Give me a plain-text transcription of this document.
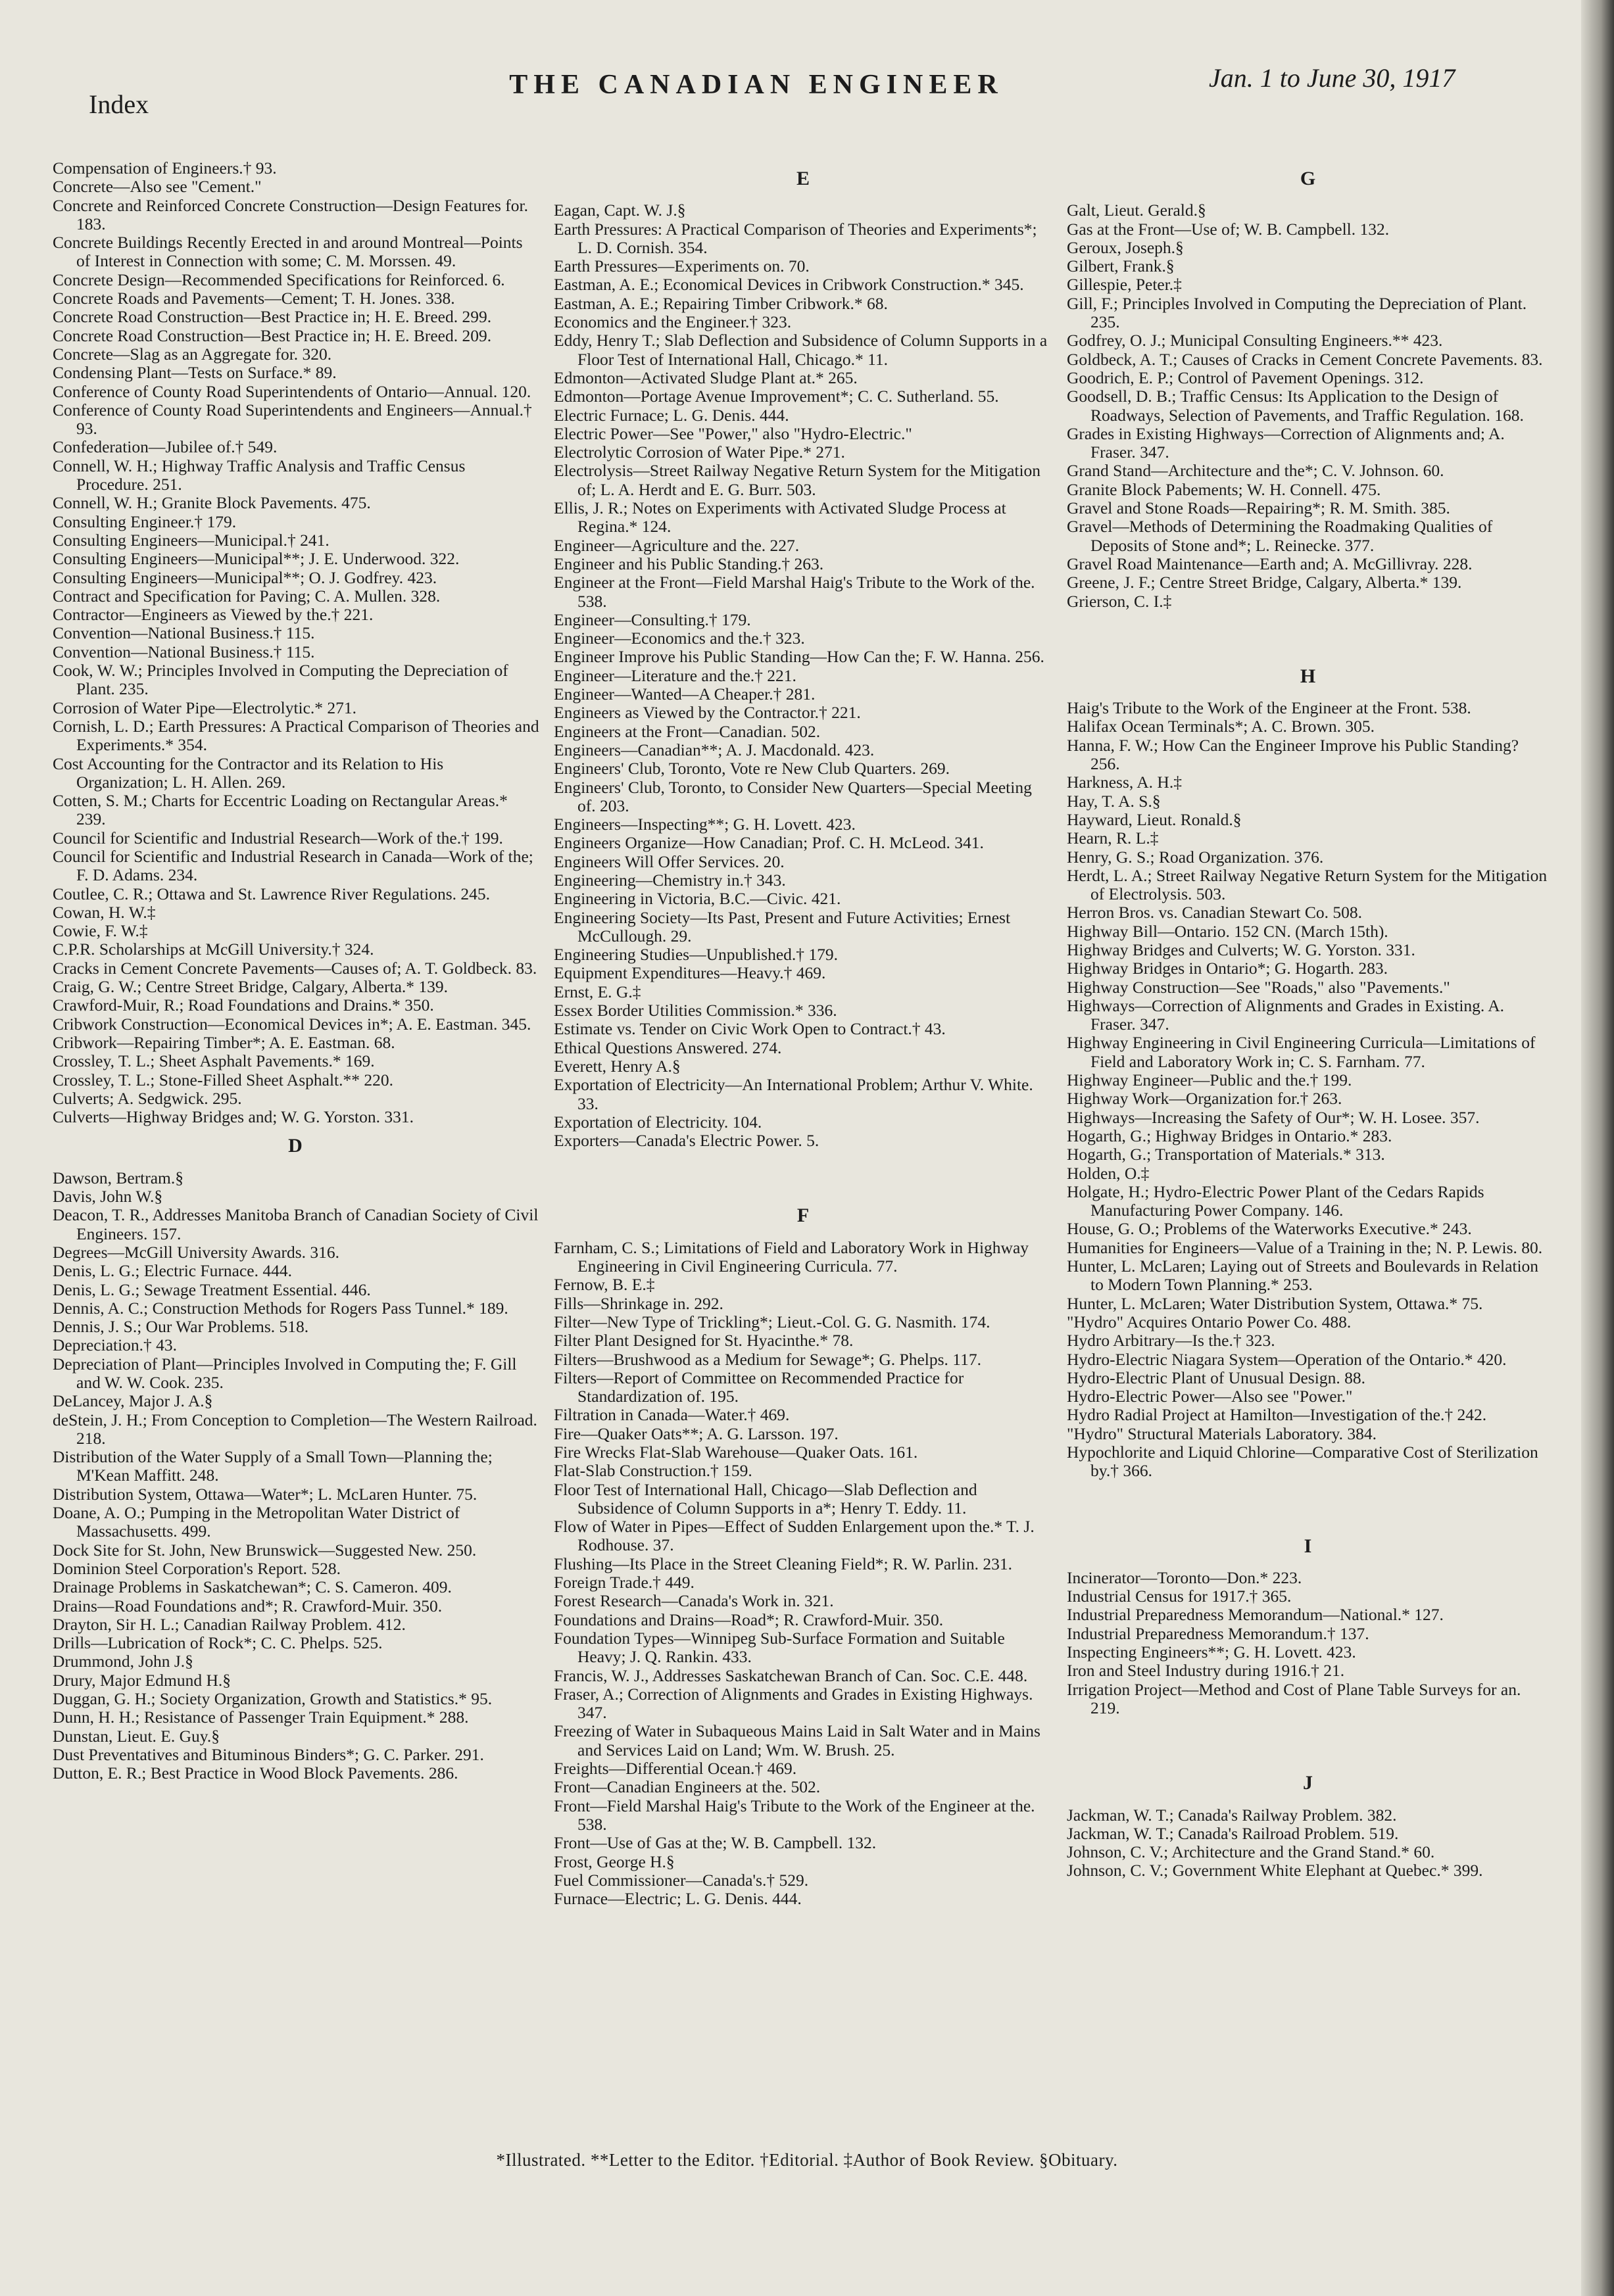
Index
THE CANADIAN ENGINEER	Jan. 1 to June 30, 1917
Compensation of Engineers.† 93.
Concrete—Also see "Cement."
Concrete and Reinforced Concrete Construction—Design Features for. 183.
Concrete Buildings Recently Erected in and around Montreal—Points of Interest in Connection with some; C. M. Morssen. 49.
Concrete Design—Recommended Specifications for Reinforced. 6.
Concrete Roads and Pavements—Cement; T. H. Jones. 338.
Concrete Road Construction—Best Practice in; H. E. Breed. 299.
Concrete Road Construction—Best Practice in; H. E. Breed. 209.
Concrete—Slag as an Aggregate for. 320.
Condensing Plant—Tests on Surface.* 89.
Conference of County Road Superintendents of Ontario—Annual. 120.
Conference of County Road Superintendents and Engineers—Annual.† 93.
Confederation—Jubilee of.† 549.
Connell, W. H.; Highway Traffic Analysis and Traffic Census Procedure. 251.
Connell, W. H.; Granite Block Pavements. 475.
Consulting Engineer.† 179.
Consulting Engineers—Municipal.† 241.
Consulting Engineers—Municipal**; J. E. Underwood. 322.
Consulting Engineers—Municipal**; O. J. Godfrey. 423.
Contract and Specification for Paving; C. A. Mullen. 328.
Contractor—Engineers as Viewed by the.† 221.
Convention—National Business.† 115.
Convention—National Business.† 115.
Cook, W. W.; Principles Involved in Computing the Depreciation of Plant. 235.
Corrosion of Water Pipe—Electrolytic.* 271.
Cornish, L. D.; Earth Pressures: A Practical Comparison of Theories and Experiments.* 354.
Cost Accounting for the Contractor and its Relation to His Organization; L. H. Allen. 269.
Cotten, S. M.; Charts for Eccentric Loading on Rectangular Areas.* 239.
Council for Scientific and Industrial Research—Work of the.† 199.
Council for Scientific and Industrial Research in Canada—Work of the; F. D. Adams. 234.
Coutlee, C. R.; Ottawa and St. Lawrence River Regulations. 245.
Cowan, H. W.‡
Cowie, F. W.‡
C.P.R. Scholarships at McGill University.† 324.
Cracks in Cement Concrete Pavements—Causes of; A. T. Goldbeck. 83.
Craig, G. W.; Centre Street Bridge, Calgary, Alberta.* 139.
Crawford-Muir, R.; Road Foundations and Drains.* 350.
Cribwork Construction—Economical Devices in*; A. E. Eastman. 345.
Cribwork—Repairing Timber*; A. E. Eastman. 68.
Crossley, T. L.; Sheet Asphalt Pavements.* 169.
Crossley, T. L.; Stone-Filled Sheet Asphalt.** 220.
Culverts; A. Sedgwick. 295.
Culverts—Highway Bridges and; W. G. Yorston. 331.
D
Dawson, Bertram.§
Davis, John W.§
Deacon, T. R., Addresses Manitoba Branch of Canadian Society of Civil Engineers. 157.
Degrees—McGill University Awards. 316.
Denis, L. G.; Electric Furnace. 444.
Denis, L. G.; Sewage Treatment Essential. 446.
Dennis, A. C.; Construction Methods for Rogers Pass Tunnel.* 189.
Dennis, J. S.; Our War Problems. 518.
Depreciation.† 43.
Depreciation of Plant—Principles Involved in Computing the; F. Gill and W. W. Cook. 235.
DeLancey, Major J. A.§
deStein, J. H.; From Conception to Completion—The Western Railroad. 218.
Distribution of the Water Supply of a Small Town—Planning the; M'Kean Maffitt. 248.
Distribution System, Ottawa—Water*; L. McLaren Hunter. 75.
Doane, A. O.; Pumping in the Metropolitan Water District of Massachusetts. 499.
Dock Site for St. John, New Brunswick—Suggested New. 250.
Dominion Steel Corporation's Report. 528.
Drainage Problems in Saskatchewan*; C. S. Cameron. 409.
Drains—Road Foundations and*; R. Crawford-Muir. 350.
Drayton, Sir H. L.; Canadian Railway Problem. 412.
Drills—Lubrication of Rock*; C. C. Phelps. 525.
Drummond, John J.§
Drury, Major Edmund H.§
Duggan, G. H.; Society Organization, Growth and Statistics.* 95.
Dunn, H. H.; Resistance of Passenger Train Equipment.* 288.
Dunstan, Lieut. E. Guy.§
Dust Preventatives and Bituminous Binders*; G. C. Parker. 291.
Dutton, E. R.; Best Practice in Wood Block Pavements. 286.
E
Eagan, Capt. W. J.§
Earth Pressures: A Practical Comparison of Theories and Experiments*; L. D. Cornish. 354.
Earth Pressures—Experiments on. 70.
Eastman, A. E.; Economical Devices in Cribwork Construction.* 345.
Eastman, A. E.; Repairing Timber Cribwork.* 68.
Economics and the Engineer.† 323.
Eddy, Henry T.; Slab Deflection and Subsidence of Column Supports in a Floor Test of International Hall, Chicago.* 11.
Edmonton—Activated Sludge Plant at.* 265.
Edmonton—Portage Avenue Improvement*; C. C. Sutherland. 55.
Electric Furnace; L. G. Denis. 444.
Electric Power—See "Power," also "Hydro-Electric."
Electrolytic Corrosion of Water Pipe.* 271.
Electrolysis—Street Railway Negative Return System for the Mitigation of; L. A. Herdt and E. G. Burr. 503.
Ellis, J. R.; Notes on Experiments with Activated Sludge Process at Regina.* 124.
Engineer—Agriculture and the. 227.
Engineer and his Public Standing.† 263.
Engineer at the Front—Field Marshal Haig's Tribute to the Work of the. 538.
Engineer—Consulting.† 179.
Engineer—Economics and the.† 323.
Engineer Improve his Public Standing—How Can the; F. W. Hanna. 256.
Engineer—Literature and the.† 221.
Engineer—Wanted—A Cheaper.† 281.
Engineers as Viewed by the Contractor.† 221.
Engineers at the Front—Canadian. 502.
Engineers—Canadian**; A. J. Macdonald. 423.
Engineers' Club, Toronto, Vote re New Club Quarters. 269.
Engineers' Club, Toronto, to Consider New Quarters—Special Meeting of. 203.
Engineers—Inspecting**; G. H. Lovett. 423.
Engineers Organize—How Canadian; Prof. C. H. McLeod. 341.
Engineers Will Offer Services. 20.
Engineering—Chemistry in.† 343.
Engineering in Victoria, B.C.—Civic. 421.
Engineering Society—Its Past, Present and Future Activities; Ernest McCullough. 29.
Engineering Studies—Unpublished.† 179.
Equipment Expenditures—Heavy.† 469.
Ernst, E. G.‡
Essex Border Utilities Commission.* 336.
Estimate vs. Tender on Civic Work Open to Contract.† 43.
Ethical Questions Answered. 274.
Everett, Henry A.§
Exportation of Electricity—An International Problem; Arthur V. White. 33.
Exportation of Electricity. 104.
Exporters—Canada's Electric Power. 5.
F
Farnham, C. S.; Limitations of Field and Laboratory Work in Highway Engineering in Civil Engineering Curricula. 77.
Fernow, B. E.‡
Fills—Shrinkage in. 292.
Filter—New Type of Trickling*; Lieut.-Col. G. G. Nasmith. 174.
Filter Plant Designed for St. Hyacinthe.* 78.
Filters—Brushwood as a Medium for Sewage*; G. Phelps. 117.
Filters—Report of Committee on Recommended Practice for Standardization of. 195.
Filtration in Canada—Water.† 469.
Fire—Quaker Oats**; A. G. Larsson. 197.
Fire Wrecks Flat-Slab Warehouse—Quaker Oats. 161.
Flat-Slab Construction.† 159.
Floor Test of International Hall, Chicago—Slab Deflection and Subsidence of Column Supports in a*; Henry T. Eddy. 11.
Flow of Water in Pipes—Effect of Sudden Enlargement upon the.* T. J. Rodhouse. 37.
Flushing—Its Place in the Street Cleaning Field*; R. W. Parlin. 231.
Foreign Trade.† 449.
Forest Research—Canada's Work in. 321.
Foundations and Drains—Road*; R. Crawford-Muir. 350.
Foundation Types—Winnipeg Sub-Surface Formation and Suitable Heavy; J. Q. Rankin. 433.
Francis, W. J., Addresses Saskatchewan Branch of Can. Soc. C.E. 448.
Fraser, A.; Correction of Alignments and Grades in Existing Highways. 347.
Freezing of Water in Subaqueous Mains Laid in Salt Water and in Mains and Services Laid on Land; Wm. W. Brush. 25.
Freights—Differential Ocean.† 469.
Front—Canadian Engineers at the. 502.
Front—Field Marshal Haig's Tribute to the Work of the Engineer at the. 538.
Front—Use of Gas at the; W. B. Campbell. 132.
Frost, George H.§
Fuel Commissioner—Canada's.† 529.
Furnace—Electric; L. G. Denis. 444.
G
Galt, Lieut. Gerald.§
Gas at the Front—Use of; W. B. Campbell. 132.
Geroux, Joseph.§
Gilbert, Frank.§
Gillespie, Peter.‡
Gill, F.; Principles Involved in Computing the Depreciation of Plant. 235.
Godfrey, O. J.; Municipal Consulting Engineers.** 423.
Goldbeck, A. T.; Causes of Cracks in Cement Concrete Pavements. 83.
Goodrich, E. P.; Control of Pavement Openings. 312.
Goodsell, D. B.; Traffic Census: Its Application to the Design of Roadways, Selection of Pavements, and Traffic Regulation. 168.
Grades in Existing Highways—Correction of Alignments and; A. Fraser. 347.
Grand Stand—Architecture and the*; C. V. Johnson. 60.
Granite Block Pabements; W. H. Connell. 475.
Gravel and Stone Roads—Repairing*; R. M. Smith. 385.
Gravel—Methods of Determining the Roadmaking Qualities of Deposits of Stone and*; L. Reinecke. 377.
Gravel Road Maintenance—Earth and; A. McGillivray. 228.
Greene, J. F.; Centre Street Bridge, Calgary, Alberta.* 139.
Grierson, C. I.‡
H
Haig's Tribute to the Work of the Engineer at the Front. 538.
Halifax Ocean Terminals*; A. C. Brown. 305.
Hanna, F. W.; How Can the Engineer Improve his Public Standing? 256.
Harkness, A. H.‡
Hay, T. A. S.§
Hayward, Lieut. Ronald.§
Hearn, R. L.‡
Henry, G. S.; Road Organization. 376.
Herdt, L. A.; Street Railway Negative Return System for the Mitigation of Electrolysis. 503.
Herron Bros. vs. Canadian Stewart Co. 508.
Highway Bill—Ontario. 152 CN. (March 15th).
Highway Bridges and Culverts; W. G. Yorston. 331.
Highway Bridges in Ontario*; G. Hogarth. 283.
Highway Construction—See "Roads," also "Pavements."
Highways—Correction of Alignments and Grades in Existing. A. Fraser. 347.
Highway Engineering in Civil Engineering Curricula—Limitations of Field and Laboratory Work in; C. S. Farnham. 77.
Highway Engineer—Public and the.† 199.
Highway Work—Organization for.† 263.
Highways—Increasing the Safety of Our*; W. H. Losee. 357.
Hogarth, G.; Highway Bridges in Ontario.* 283.
Hogarth, G.; Transportation of Materials.* 313.
Holden, O.‡
Holgate, H.; Hydro-Electric Power Plant of the Cedars Rapids Manufacturing Power Company. 146.
House, G. O.; Problems of the Waterworks Executive.* 243.
Humanities for Engineers—Value of a Training in the; N. P. Lewis. 80.
Hunter, L. McLaren; Laying out of Streets and Boulevards in Relation to Modern Town Planning.* 253.
Hunter, L. McLaren; Water Distribution System, Ottawa.* 75.
"Hydro" Acquires Ontario Power Co. 488.
Hydro Arbitrary—Is the.† 323.
Hydro-Electric Niagara System—Operation of the Ontario.* 420.
Hydro-Electric Plant of Unusual Design. 88.
Hydro-Electric Power—Also see "Power."
Hydro Radial Project at Hamilton—Investigation of the.† 242.
"Hydro" Structural Materials Laboratory. 384.
Hypochlorite and Liquid Chlorine—Comparative Cost of Sterilization by.† 366.
I
Incinerator—Toronto—Don.* 223.
Industrial Census for 1917.† 365.
Industrial Preparedness Memorandum—National.* 127.
Industrial Preparedness Memorandum.† 137.
Inspecting Engineers**; G. H. Lovett. 423.
Iron and Steel Industry during 1916.† 21.
Irrigation Project—Method and Cost of Plane Table Surveys for an. 219.
J
Jackman, W. T.; Canada's Railway Problem. 382.
Jackman, W. T.; Canada's Railroad Problem. 519.
Johnson, C. V.; Architecture and the Grand Stand.* 60.
Johnson, C. V.; Government White Elephant at Quebec.* 399.
*Illustrated. **Letter to the Editor. †Editorial. ‡Author of Book Review. §Obituary.
